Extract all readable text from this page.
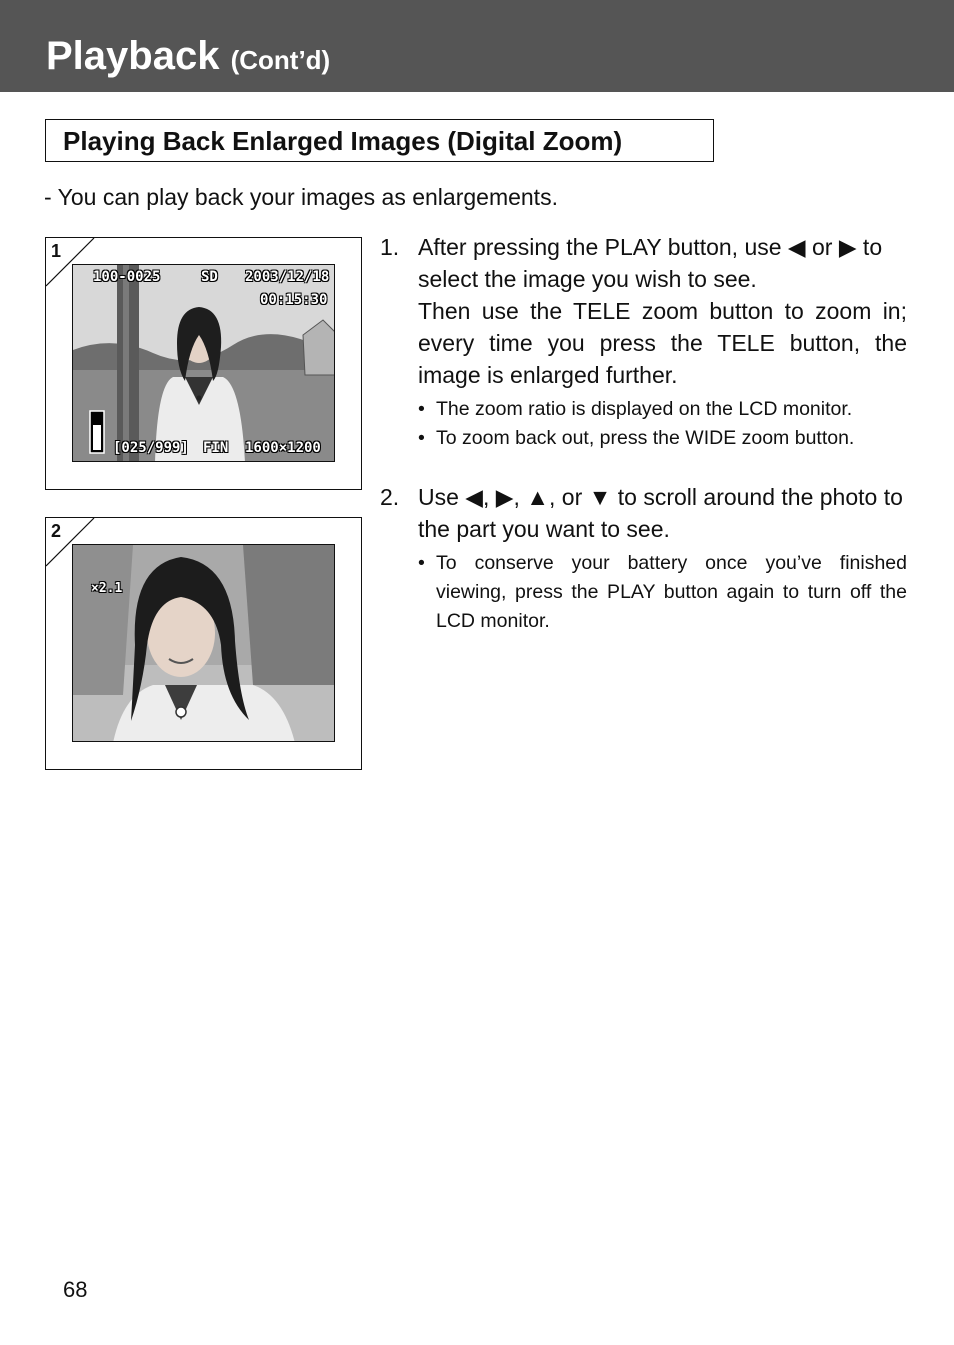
Playback (Cont’d)
Playing Back Enlarged Images (Digital Zoom)
- You can play back your images as enlargements.
1
100-0025	SD 2003/12/18
00:15:30
[025/999] FIN 1600×1200
2
×2.1
1. After pressing the PLAY button, use ◀ or ▶ to select the image you wish to see.

Then use the TELE zoom button to zoom in; every time you press the TELE button, the image is enlarged further.

• The zoom ratio is displayed on the LCD monitor.
• To zoom back out, press the WIDE zoom button.
2. Use ◀, ▶, ▲, or ▼ to scroll around the photo to the part you want to see.

• To conserve your battery once you’ve finished viewing, press the PLAY button again to turn off the LCD monitor.
68
